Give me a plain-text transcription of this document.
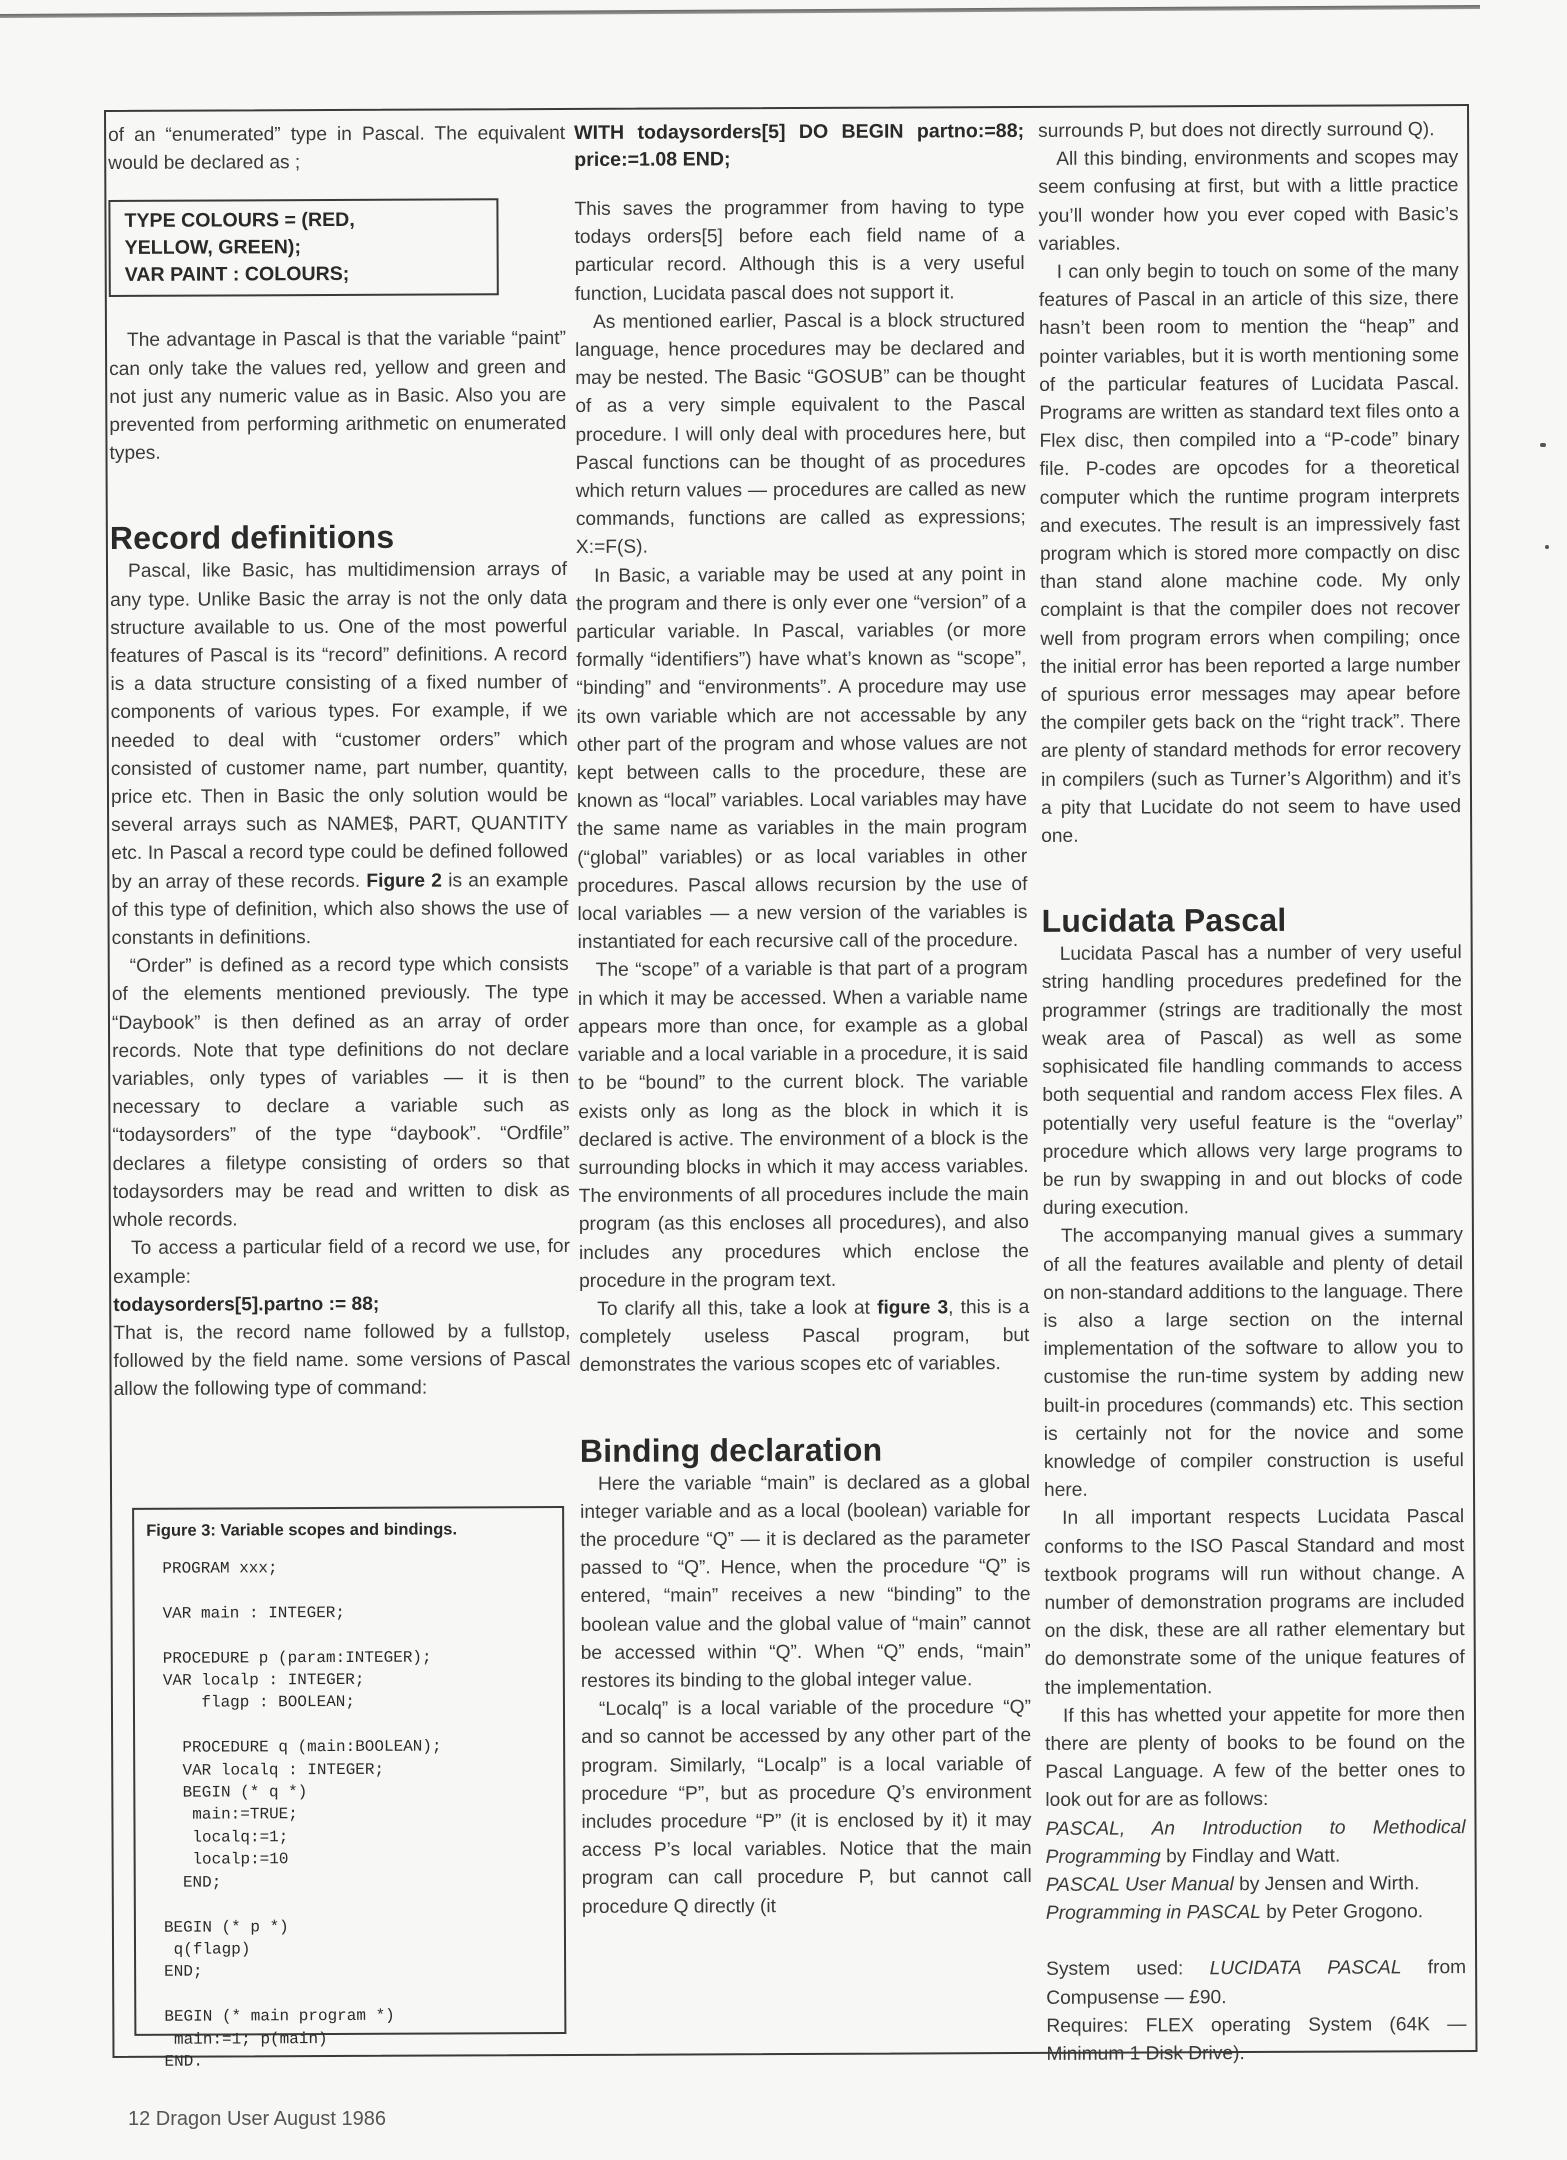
of an “enumerated” type in Pascal. The equivalent would be declared as ;

TYPE COLOURS = (RED,
YELLOW, GREEN);
VAR PAINT : COLOURS;

The advantage in Pascal is that the variable “paint” can only take the values red, yellow and green and not just any numeric value as in Basic. Also you are prevented from performing arithmetic on enumerated types.

Record definitions

Pascal, like Basic, has multidimension arrays of any type. Unlike Basic the array is not the only data structure available to us. One of the most powerful features of Pascal is its “record” definitions. A record is a data structure consisting of a fixed number of components of various types. For example, if we needed to deal with “customer orders” which consisted of customer name, part number, quantity, price etc. Then in Basic the only solution would be several arrays such as NAME$, PART, QUANTITY etc. In Pascal a record type could be defined followed by an array of these records. Figure 2 is an example of this type of definition, which also shows the use of constants in definitions.

“Order” is defined as a record type which consists of the elements mentioned previously. The type “Daybook” is then defined as an array of order records. Note that type definitions do not declare variables, only types of variables — it is then necessary to declare a variable such as “todaysorders” of the type “daybook”. “Ordfile” declares a filetype consisting of orders so that todaysorders may be read and written to disk as whole records.

To access a particular field of a record we use, for example:

todaysorders[5].partno := 88;

That is, the record name followed by a fullstop, followed by the field name. some versions of Pascal allow the following type of command:

Figure 3: Variable scopes and bindings.
PROGRAM xxx;
​
VAR main : INTEGER;
​
PROCEDURE p (param:INTEGER);
VAR localp : INTEGER;
flagp : BOOLEAN;
​
PROCEDURE q (main:BOOLEAN);
VAR localq : INTEGER;
BEGIN (* q *)
main:=TRUE;
localq:=1;
localp:=10
END;
​
BEGIN (* p *)
q(flagp)
END;
​
BEGIN (* main program *)
main:=1; p(main)
END.

WITH todaysorders[5] DO BEGIN partno:=88; price:=1.08 END;

This saves the programmer from having to type todays orders[5] before each field name of a particular record. Although this is a very useful function, Lucidata pascal does not support it.

As mentioned earlier, Pascal is a block structured language, hence procedures may be declared and may be nested. The Basic “GOSUB” can be thought of as a very simple equivalent to the Pascal procedure. I will only deal with procedures here, but Pascal functions can be thought of as procedures which return values — procedures are called as new commands, functions are called as expressions; X:=F(S).

In Basic, a variable may be used at any point in the program and there is only ever one “version” of a particular variable. In Pascal, variables (or more formally “identifiers”) have what’s known as “scope”, “binding” and “environments”. A procedure may use its own variable which are not accessable by any other part of the program and whose values are not kept between calls to the procedure, these are known as “local” variables. Local variables may have the same name as variables in the main program (“global” variables) or as local variables in other procedures. Pascal allows recursion by the use of local variables — a new version of the variables is instantiated for each recursive call of the procedure.

The “scope” of a variable is that part of a program in which it may be accessed. When a variable name appears more than once, for example as a global variable and a local variable in a procedure, it is said to be “bound” to the current block. The variable exists only as long as the block in which it is declared is active. The environment of a block is the surrounding blocks in which it may access variables. The environments of all procedures include the main program (as this encloses all procedures), and also includes any procedures which enclose the procedure in the program text.

To clarify all this, take a look at figure 3, this is a completely useless Pascal program, but demonstrates the various scopes etc of variables.

Binding declaration

Here the variable “main” is declared as a global integer variable and as a local (boolean) variable for the procedure “Q” — it is declared as the parameter passed to “Q”. Hence, when the procedure “Q” is entered, “main” receives a new “binding” to the boolean value and the global value of “main” cannot be accessed within “Q”. When “Q” ends, “main” restores its binding to the global integer value.

“Localq” is a local variable of the procedure “Q” and so cannot be accessed by any other part of the program. Similarly, “Localp” is a local variable of procedure “P”, but as procedure Q’s environment includes procedure “P” (it is enclosed by it) it may access P’s local variables. Notice that the main program can call procedure P, but cannot call procedure Q directly (it

surrounds P, but does not directly surround Q).

All this binding, environments and scopes may seem confusing at first, but with a little practice you’ll wonder how you ever coped with Basic’s variables.

I can only begin to touch on some of the many features of Pascal in an article of this size, there hasn’t been room to mention the “heap” and pointer variables, but it is worth mentioning some of the particular features of Lucidata Pascal. Programs are written as standard text files onto a Flex disc, then compiled into a “P-code” binary file. P-codes are opcodes for a theoretical computer which the runtime program interprets and executes. The result is an impressively fast program which is stored more compactly on disc than stand alone machine code. My only complaint is that the compiler does not recover well from program errors when compiling; once the initial error has been reported a large number of spurious error messages may apear before the compiler gets back on the “right track”. There are plenty of standard methods for error recovery in compilers (such as Turner’s Algorithm) and it’s a pity that Lucidate do not seem to have used one.

Lucidata Pascal

Lucidata Pascal has a number of very useful string handling procedures predefined for the programmer (strings are traditionally the most weak area of Pascal) as well as some sophisicated file handling commands to access both sequential and random access Flex files. A potentially very useful feature is the “overlay” procedure which allows very large programs to be run by swapping in and out blocks of code during execution.

The accompanying manual gives a summary of all the features available and plenty of detail on non-standard additions to the language. There is also a large section on the internal implementation of the software to allow you to customise the run-time system by adding new built-in procedures (commands) etc. This section is certainly not for the novice and some knowledge of compiler construction is useful here.

In all important respects Lucidata Pascal conforms to the ISO Pascal Standard and most textbook programs will run without change. A number of demonstration programs are included on the disk, these are all rather elementary but do demonstrate some of the unique features of the implementation.

If this has whetted your appetite for more then there are plenty of books to be found on the Pascal Language. A few of the better ones to look out for are as follows:

PASCAL, An Introduction to Methodical Programming by Findlay and Watt.

PASCAL User Manual by Jensen and Wirth.

Programming in PASCAL by Peter Grogono.

System used: LUCIDATA PASCAL from Compusense — £90.

Requires: FLEX operating System (64K — Minimum 1 Disk Drive).

12 Dragon User August 1986
